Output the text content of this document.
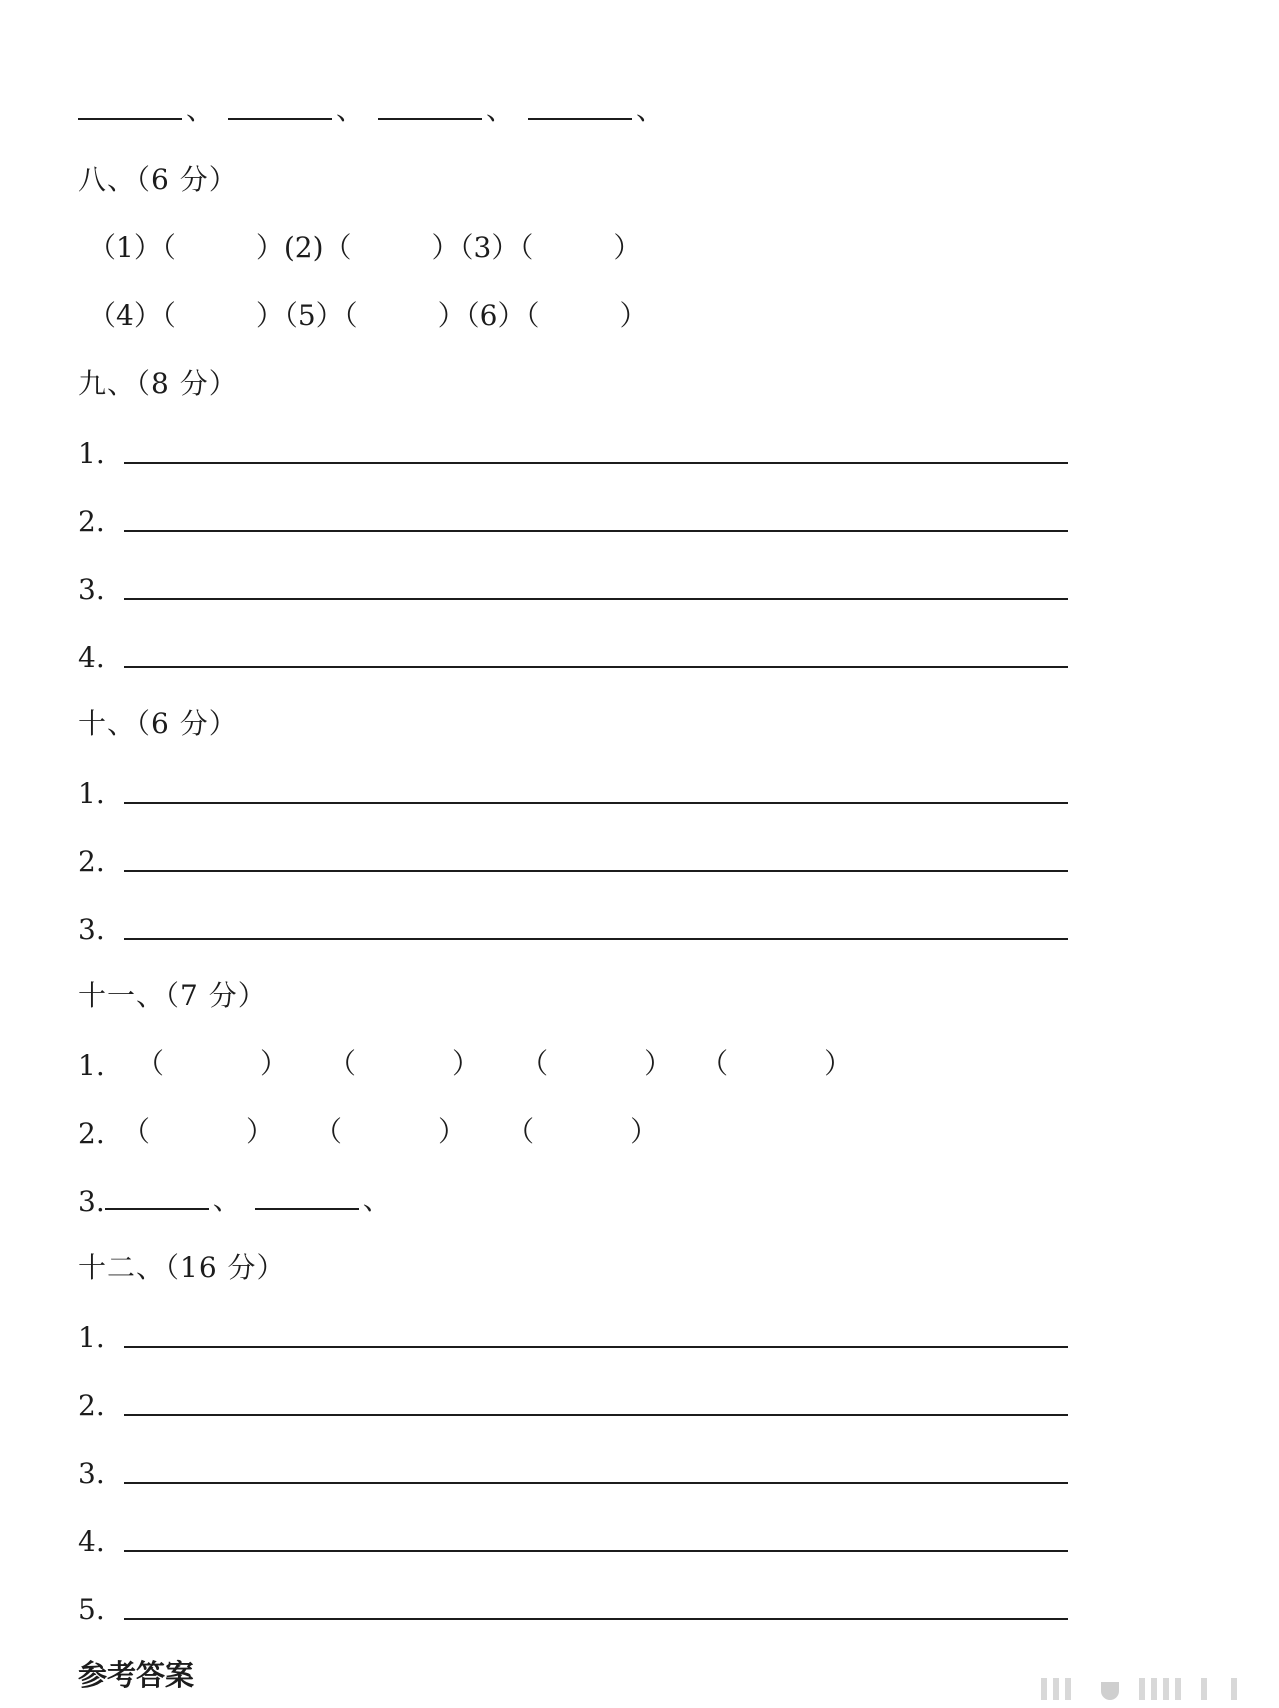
、	、	、	、
八、（6 分）
（1）（	）(2)（	）（3）（	）
（4）（	）（5）（	）（6）（	）
九、（8 分）
1.
2.
3.
4.
十、（6 分）
1.
2.
3.
十一、（7 分）
1.	（	） （	） （	） （	）
2. （	） （	） （	）
3.	、	、
十二、（16 分）
1.
2.
3.
4.
5.
参考答案
